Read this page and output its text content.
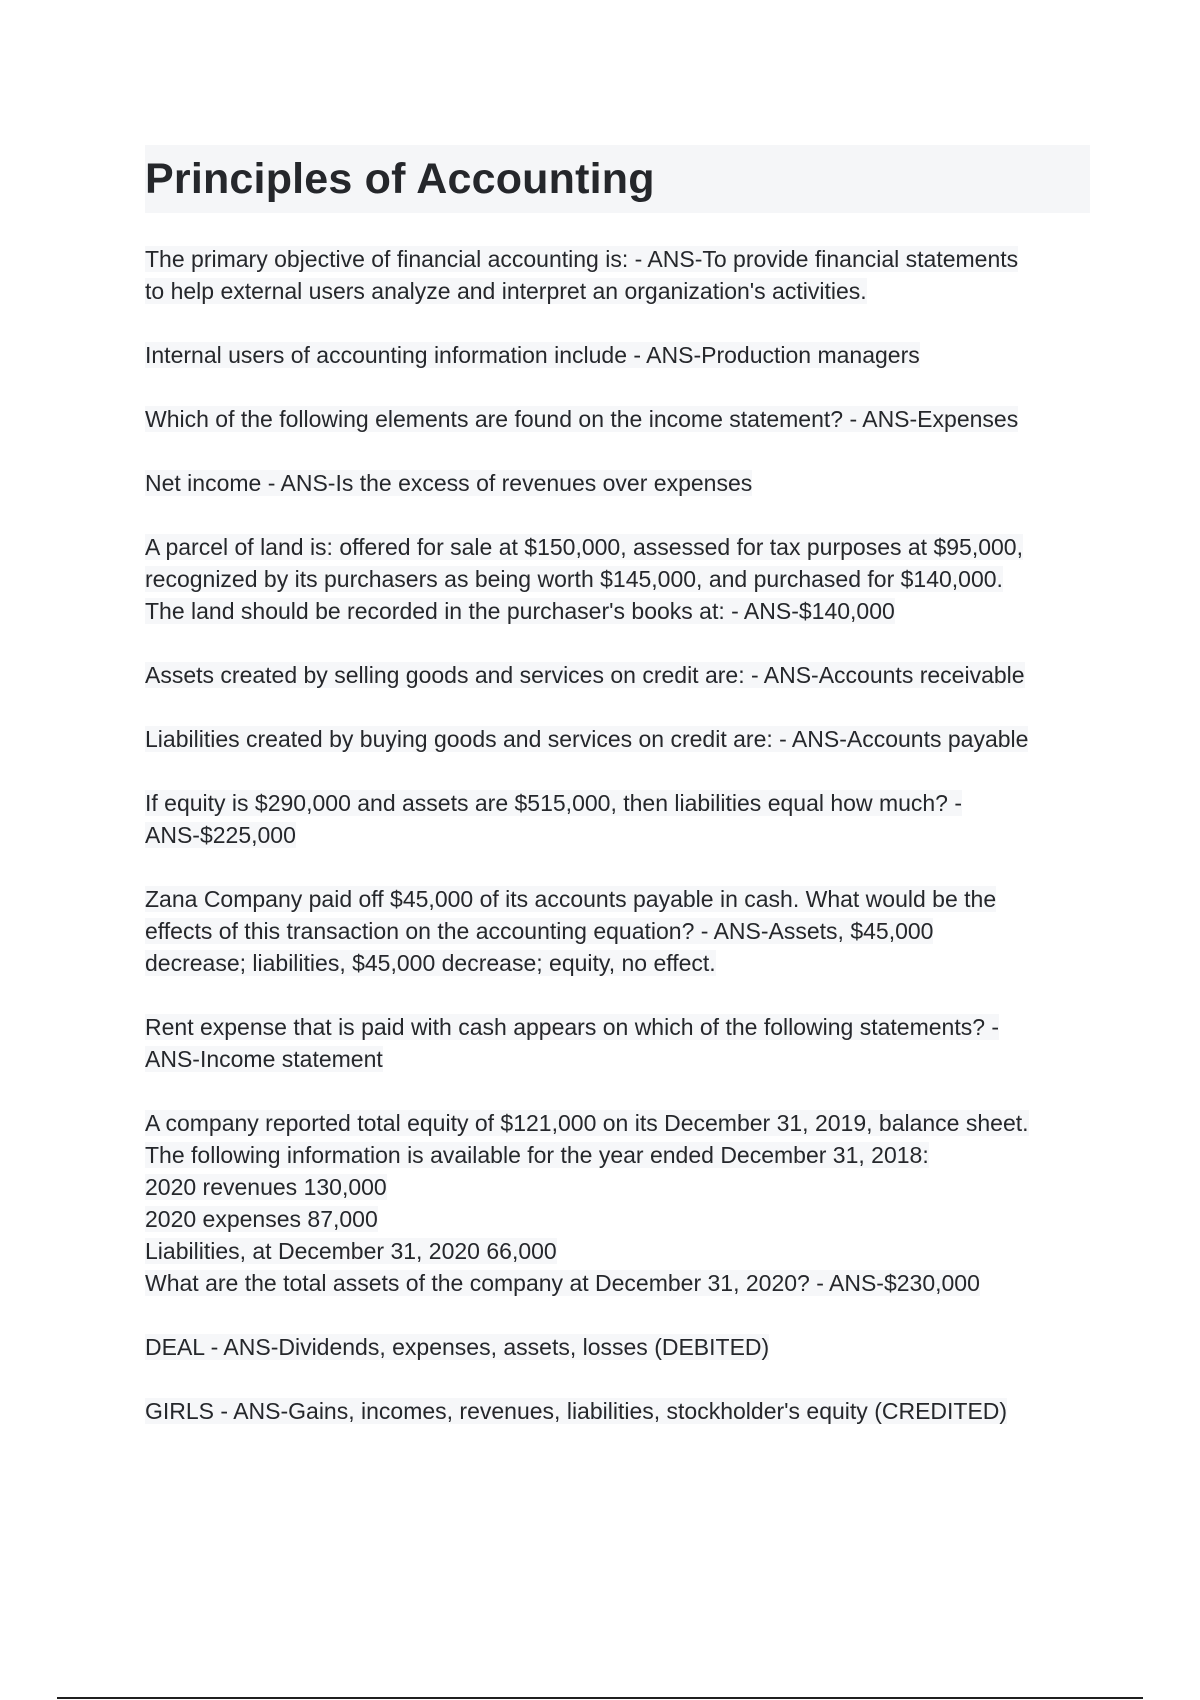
Principles of Accounting

The primary objective of financial accounting is: - ANS-To provide financial statements
to help external users analyze and interpret an organization's activities.

Internal users of accounting information include - ANS-Production managers

Which of the following elements are found on the income statement? - ANS-Expenses

Net income - ANS-Is the excess of revenues over expenses

A parcel of land is: offered for sale at $150,000, assessed for tax purposes at $95,000,
recognized by its purchasers as being worth $145,000, and purchased for $140,000.
The land should be recorded in the purchaser's books at: - ANS-$140,000

Assets created by selling goods and services on credit are: - ANS-Accounts receivable

Liabilities created by buying goods and services on credit are: - ANS-Accounts payable

If equity is $290,000 and assets are $515,000, then liabilities equal how much? -
ANS-$225,000

Zana Company paid off $45,000 of its accounts payable in cash. What would be the
effects of this transaction on the accounting equation? - ANS-Assets, $45,000
decrease; liabilities, $45,000 decrease; equity, no effect.

Rent expense that is paid with cash appears on which of the following statements? -
ANS-Income statement

A company reported total equity of $121,000 on its December 31, 2019, balance sheet.
The following information is available for the year ended December 31, 2018:
2020 revenues 130,000
2020 expenses 87,000
Liabilities, at December 31, 2020 66,000
What are the total assets of the company at December 31, 2020? - ANS-$230,000

DEAL - ANS-Dividends, expenses, assets, losses (DEBITED)

GIRLS - ANS-Gains, incomes, revenues, liabilities, stockholder's equity (CREDITED)
